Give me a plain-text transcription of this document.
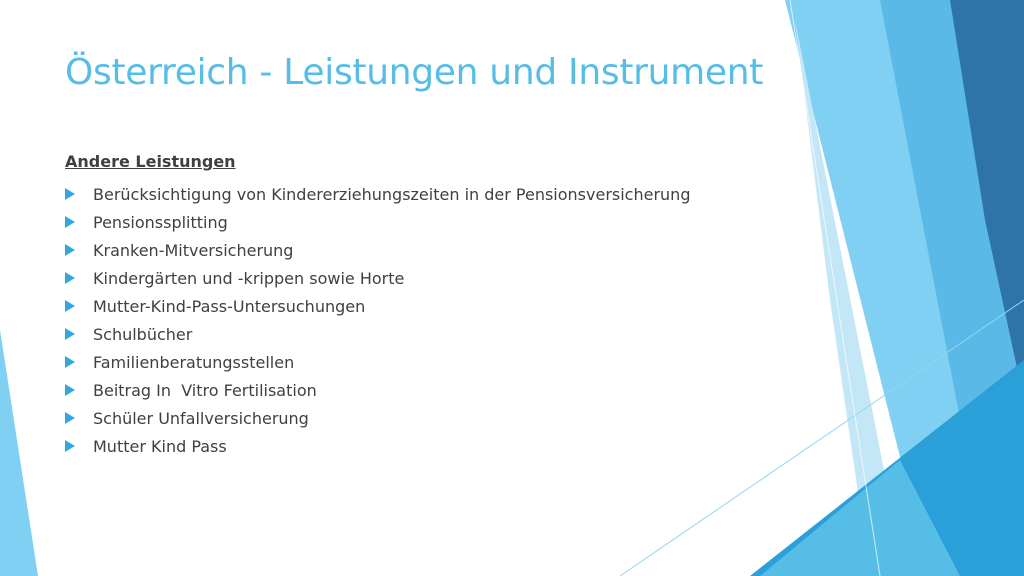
Österreich - Leistungen und Instrument
Andere Leistungen
Berücksichtigung von Kindererziehungszeiten in der Pensionsversicherung
Pensionssplitting
Kranken-Mitversicherung
Kindergärten und -krippen sowie Horte
Mutter-Kind-Pass-Untersuchungen
Schulbücher
Familienberatungsstellen
Beitrag In  Vitro Fertilisation
Schüler Unfallversicherung
Mutter Kind Pass
